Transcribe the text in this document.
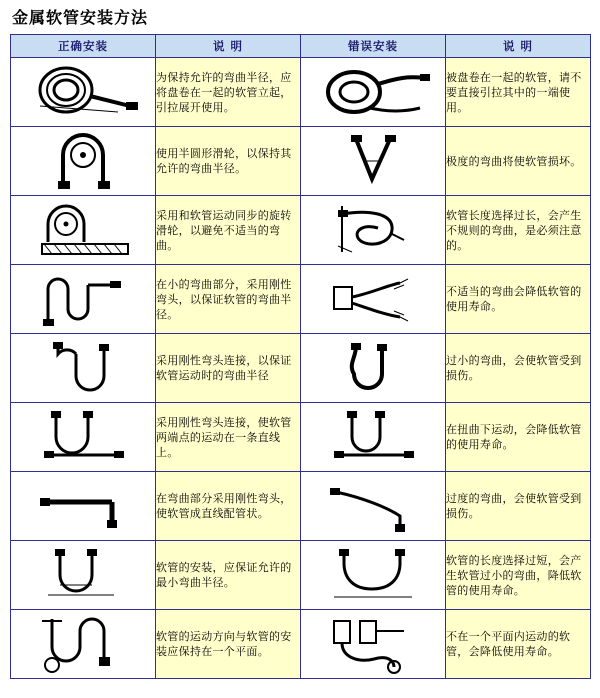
金属软管安装方法
正确安装	说 明	错误安装	说 明

	为保持允许的弯曲半径，应将盘卷在一起的软管立起，引拉展开使用。		被盘卷在一起的软管，请不要直接引拉其中的一端使用。

	使用半圆形滑轮，以保持其允许的弯曲半径。		极度的弯曲将使软管损坏。

	采用和软管运动同步的旋转滑轮，以避免不适当的弯曲。		软管长度选择过长，会产生不规则的弯曲，是必须注意的。

	在小的弯曲部分，采用刚性弯头，以保证软管的弯曲半径。		不适当的弯曲会降低软管的使用寿命。

	采用刚性弯头连接，以保证软管运动时的弯曲半径		过小的弯曲，会使软管受到损伤。

	采用刚性弯头连接，使软管两端点的运动在一条直线上。		在扭曲下运动，会降低软管的使用寿命。

	在弯曲部分采用刚性弯头，使软管成直线配管状。		过度的弯曲，会使软管受到损伤。

	软管的安装，应保证允许的最小弯曲半径。		软管的长度选择过短，会产生软管过小的弯曲，降低软管的使用寿命。

	软管的运动方向与软管的安装应保持在一个平面。		不在一个平面内运动的软管，会降低使用寿命。
